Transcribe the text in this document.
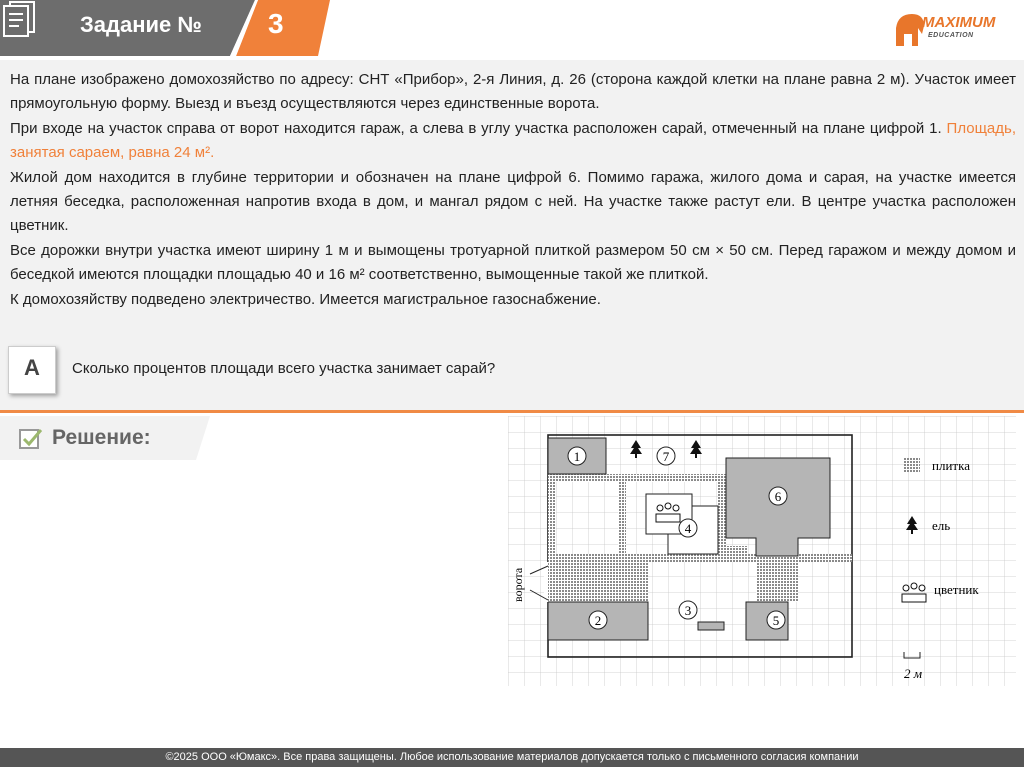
Задание № 3	MAXIMUM
EDUCATION

На плане изображено домохозяйство по адресу: СНТ «Прибор», 2-я Линия, д. 26 (сторона каждой клетки на плане равна 2 м). Участок имеет прямоугольную форму. Выезд и въезд осуществляются через единственные ворота.

При входе на участок справа от ворот находится гараж, а слева в углу участка расположен сарай, отмеченный на плане цифрой 1. Площадь, занятая сараем, равна 24 м².

Жилой дом находится в глубине территории и обозначен на плане цифрой 6. Помимо гаража, жилого дома и сарая, на участке имеется летняя беседка, расположенная напротив входа в дом, и мангал рядом с ней. На участке также растут ели. В центре участка расположен цветник.

Все дорожки внутри участка имеют ширину 1 м и вымощены тротуарной плиткой размером 50 см × 50 см. Перед гаражом и между домом и беседкой имеются площадки площадью 40 и 16 м² соответственно, вымощенные такой же плиткой.

К домохозяйству подведено электричество. Имеется магистральное газоснабжение.

А	Сколько процентов площади всего участка занимает сарай?
Решение:
1	7
6
4
2
3
5
ворота
плитка
ель
цветник
2 м
©2025 ООО «Юмакс». Все права защищены. Любое использование материалов допускается только с письменного согласия компании
